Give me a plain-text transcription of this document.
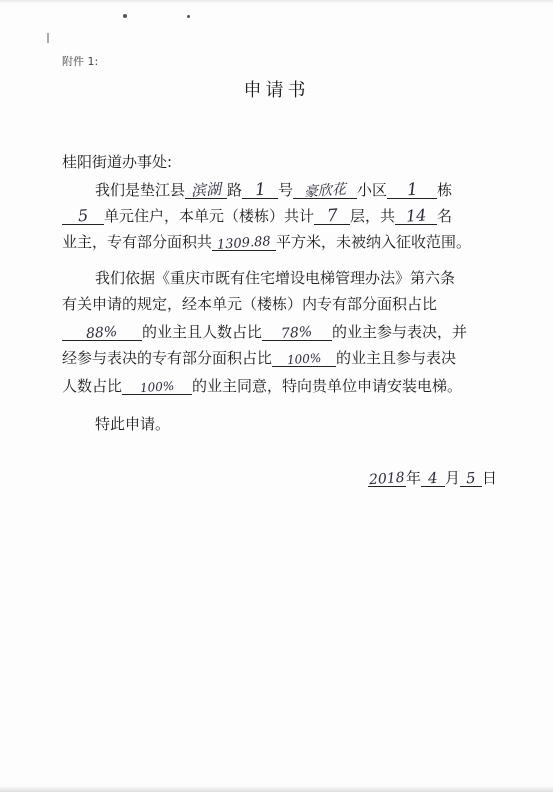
附件 1:
申请书
桂阳街道办事处:
我们是垫江县 滨湖 路 1 号 豪欣花 小区 1 栋
5 单元住户，本单元（楼栋）共计 7 层，共 14 名
业主，专有部分面积共 1309.88 平方米，未被纳入征收范围。
我们依据《重庆市既有住宅增设电梯管理办法》第六条
有关申请的规定，经本单元（楼栋）内专有部分面积占比
88% 的业主且人数占比 78% 的业主参与表决，并
经参与表决的专有部分面积占比 100% 的业主且参与表决
人数占比 100% 的业主同意，特向贵单位申请安装电梯。
特此申请。
2018年 4 月 5 日
